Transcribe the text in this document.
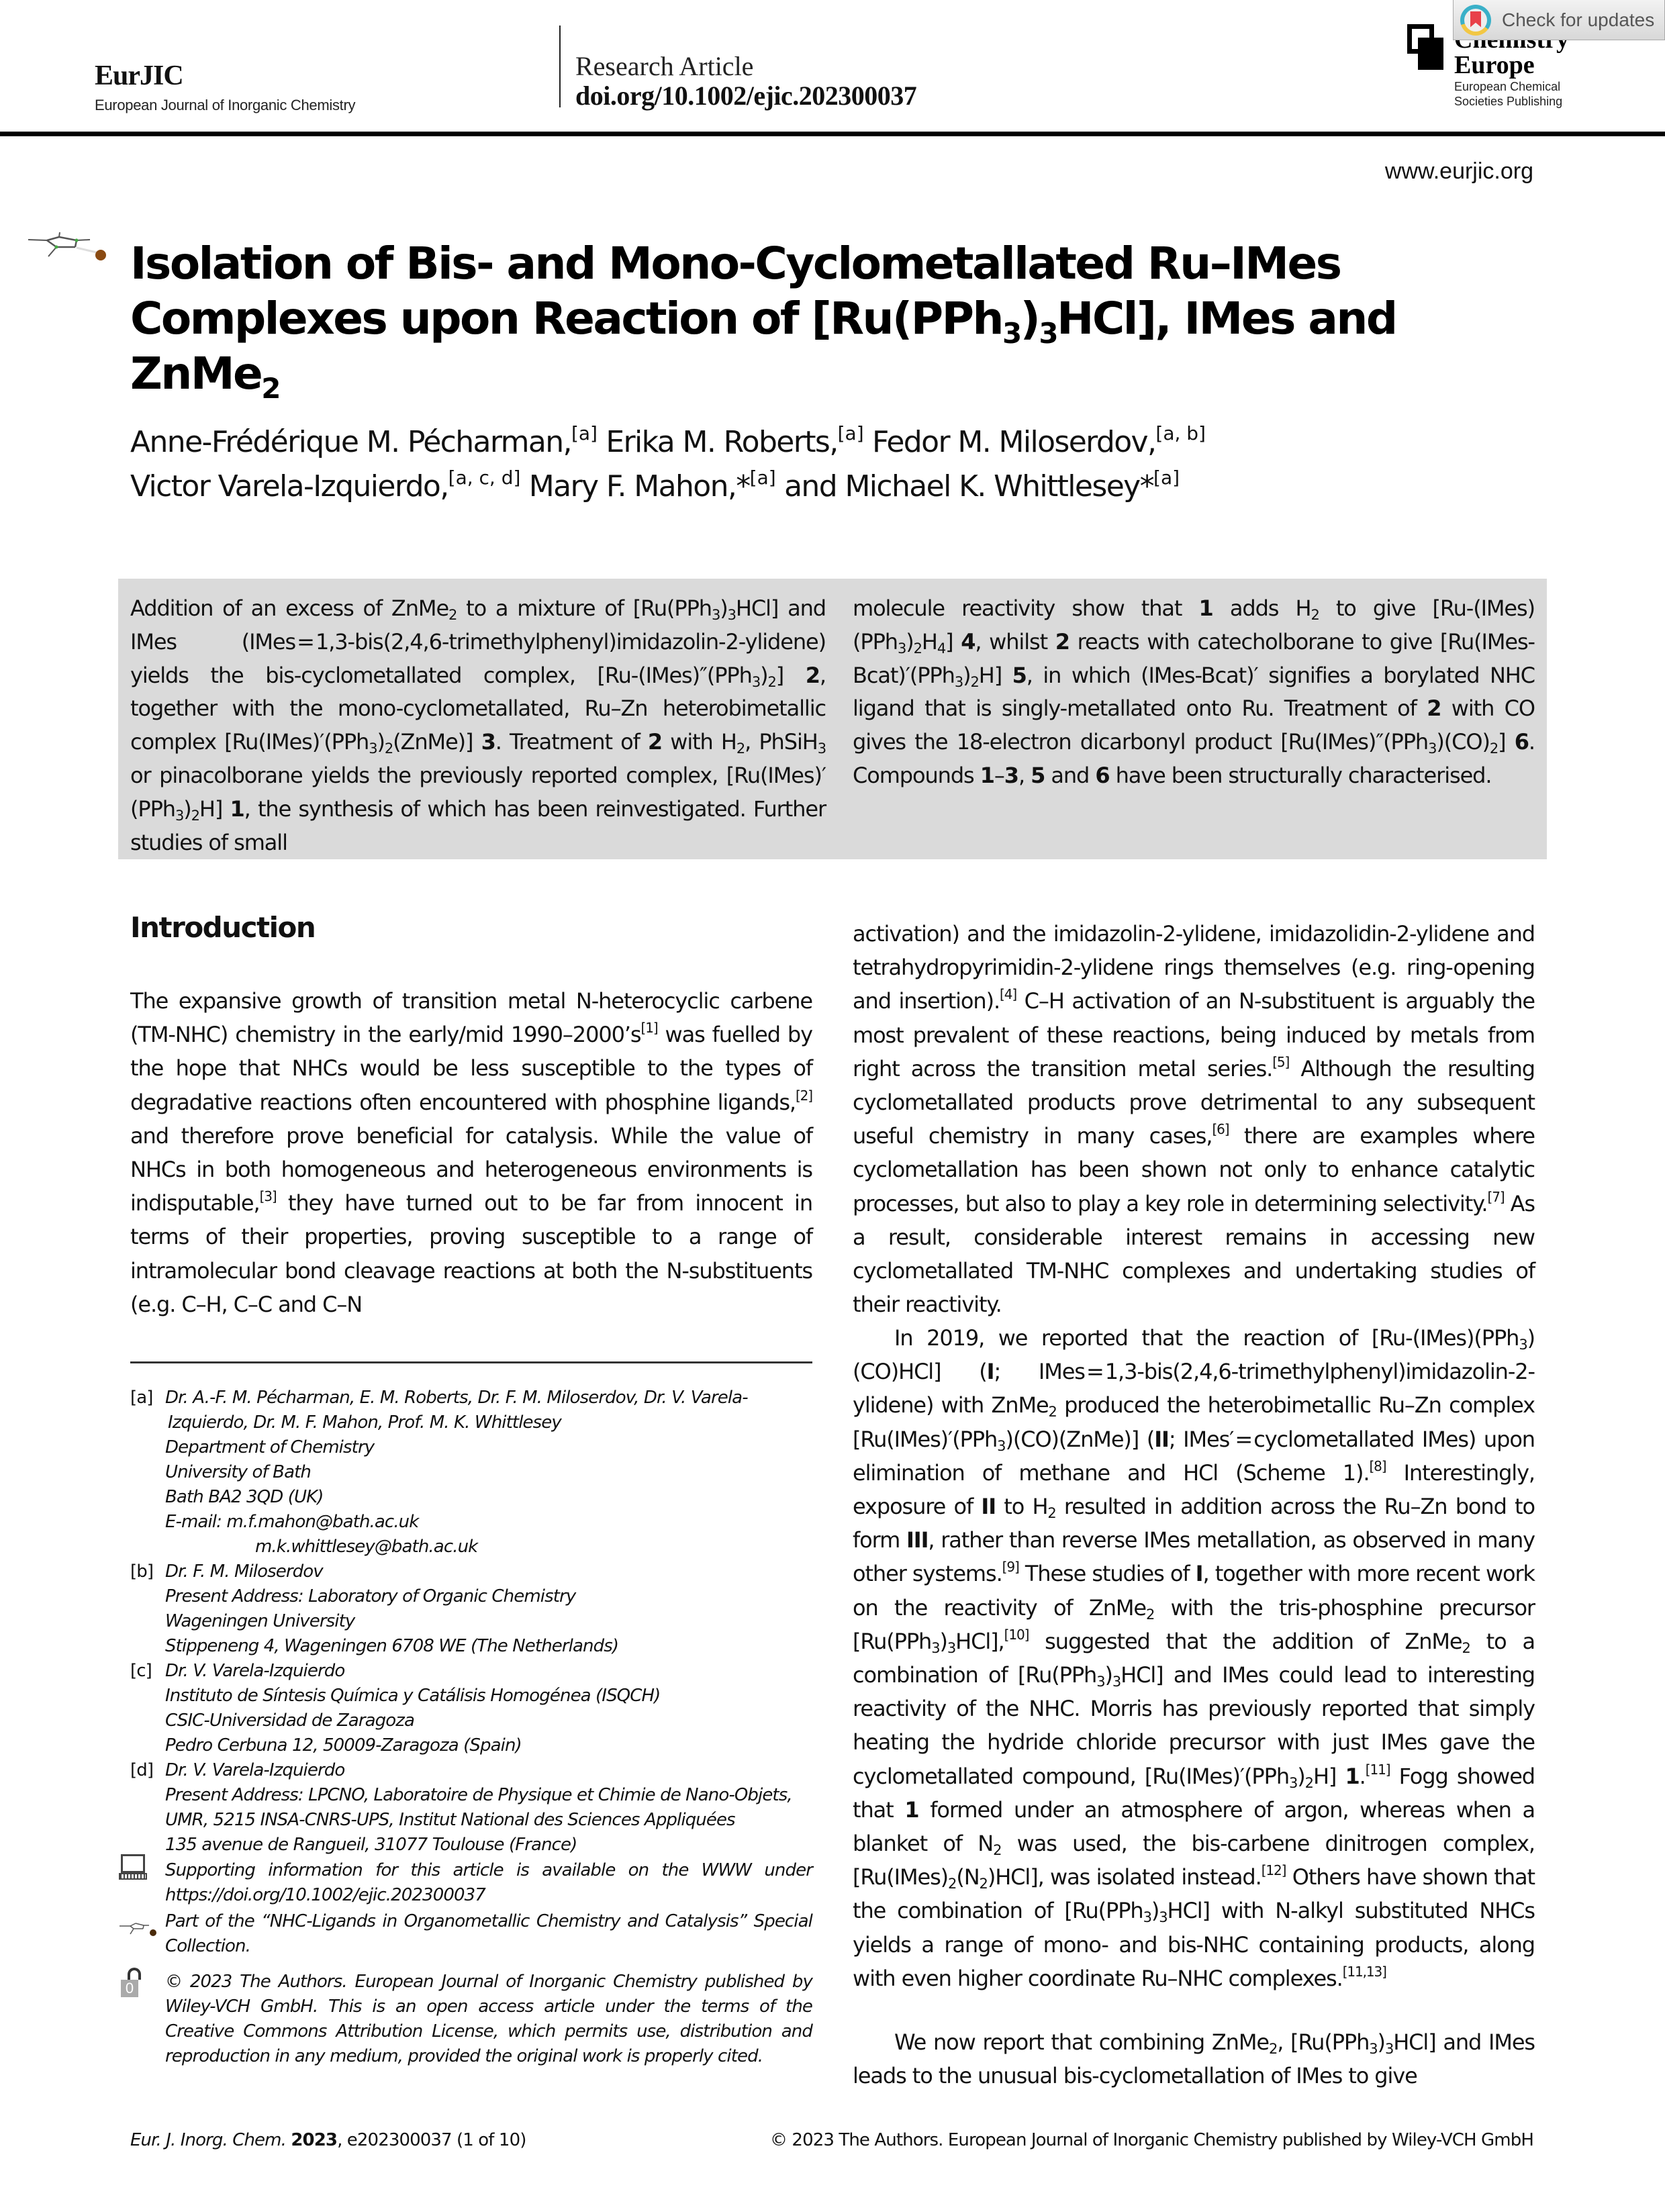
EurJIC
European Journal of Inorganic Chemistry
Research Article
doi.org/10.1002/ejic.202300037
Europe
European Chemical
Societies Publishing
Check for updates
www.eurjic.org
Isolation of Bis- and Mono-Cyclometallated Ru–IMes
Complexes upon Reaction of $[Ru(PPh_3)_3HCl]$, IMes and
ZnMe$_2$
Anne-Frédérique M. Pécharman,[a] Erika M. Roberts,[a] Fedor M. Miloserdov,[a, b]
Victor Varela-Izquierdo,[a, c, d] Mary F. Mahon,*[a] and Michael K. Whittlesey*[a]
Addition of an excess of ZnMe$_2$ to a mixture of $[Ru(PPh_3)_3HCl]$ and IMes (IMes = 1,3-bis(2,4,6-trimethylphenyl)imidazolin-2-ylidene) yields the bis-cyclometallated complex, $[Ru-(IMes)''(PPh_3)_2]$ 2, together with the mono-cyclometallated, Ru–Zn heterobimetallic complex $[Ru(IMes)'(PPh_3)_2(ZnMe)]$ 3. Treatment of 2 with $H_2$, PhSiH$_3$ or pinacolborane yields the previously reported complex, $[Ru(IMes)'(PPh_3)_2H]$ 1, the synthesis of which has been reinvestigated. Further studies of small
molecule reactivity show that 1 adds $H_2$ to give $[Ru-(IMes)(PPh_3)_2H_4]$ 4, whilst 2 reacts with catecholborane to give $[Ru(IMes-Bcat)'(PPh_3)_2H]$ 5, in which (IMes-Bcat)′ signifies a borylated NHC ligand that is singly-metallated onto Ru. Treatment of 2 with CO gives the 18-electron dicarbonyl product $[Ru(IMes)''(PPh_3)(CO)_2]$ 6. Compounds 1–3, 5 and 6 have been structurally characterised.
Introduction
The expansive growth of transition metal N-heterocyclic carbene (TM-NHC) chemistry in the early/mid 1990–2000’s[1] was fuelled by the hope that NHCs would be less susceptible to the types of degradative reactions often encountered with phosphine ligands,[2] and therefore prove beneficial for catalysis. While the value of NHCs in both homogeneous and heterogeneous environments is indisputable,[3] they have turned out to be far from innocent in terms of their properties, proving susceptible to a range of intramolecular bond cleavage reactions at both the N-substituents (e.g. C–H, C–C and C–N
[a] Dr. A.-F. M. Pécharman, E. M. Roberts, Dr. F. M. Miloserdov, Dr. V. Varela-
Izquierdo, Dr. M. F. Mahon, Prof. M. K. Whittlesey
Department of Chemistry
University of Bath
Bath BA2 3QD (UK)
E-mail: m.f.mahon@bath.ac.uk
m.k.whittlesey@bath.ac.uk
[b] Dr. F. M. Miloserdov
Present Address: Laboratory of Organic Chemistry
Wageningen University
Stippeneng 4, Wageningen 6708 WE (The Netherlands)
[c] Dr. V. Varela-Izquierdo
Instituto de Síntesis Química y Catálisis Homogénea (ISQCH)
CSIC-Universidad de Zaragoza
Pedro Cerbuna 12, 50009-Zaragoza (Spain)
[d] Dr. V. Varela-Izquierdo
Present Address: LPCNO, Laboratoire de Physique et Chimie de Nano-Objets,
UMR, 5215 INSA-CNRS-UPS, Institut National des Sciences Appliquées
135 avenue de Rangueil, 31077 Toulouse (France)
Supporting information for this article is available on the WWW under https://doi.org/10.1002/ejic.202300037
Part of the “NHC-Ligands in Organometallic Chemistry and Catalysis” Special Collection.
0 © 2023 The Authors. European Journal of Inorganic Chemistry published by Wiley-VCH GmbH. This is an open access article under the terms of the Creative Commons Attribution License, which permits use, distribution and reproduction in any medium, provided the original work is properly cited.
activation) and the imidazolin-2-ylidene, imidazolidin-2-ylidene and tetrahydropyrimidin-2-ylidene rings themselves (e.g. ring-opening and insertion).[4] C–H activation of an N-substituent is arguably the most prevalent of these reactions, being induced by metals from right across the transition metal series.[5] Although the resulting cyclometallated products prove detrimental to any subsequent useful chemistry in many cases,[6] there are examples where cyclometallation has been shown not only to enhance catalytic processes, but also to play a key role in determining selectivity.[7] As a result, considerable interest remains in accessing new cyclometallated TM-NHC complexes and undertaking studies of their reactivity.
In 2019, we reported that the reaction of [Ru-(IMes)(PPh$_3$)(CO)HCl] (I; IMes = 1,3-bis(2,4,6-trimethylphenyl)imidazolin-2-ylidene) with ZnMe$_2$ produced the heterobimetallic Ru–Zn complex [Ru(IMes)′(PPh$_3$)(CO)(ZnMe)] (II; IMes′ = cyclometallated IMes) upon elimination of methane and HCl (Scheme 1).[8] Interestingly, exposure of II to $H_2$ resulted in addition across the Ru–Zn bond to form III, rather than reverse IMes metallation, as observed in many other systems.[9] These studies of I, together with more recent work on the reactivity of ZnMe$_2$ with the tris-phosphine precursor $[Ru(PPh_3)_3HCl],[10]$ suggested that the addition of ZnMe$_2$ to a combination of $[Ru(PPh_3)_3HCl]$ and IMes could lead to interesting reactivity of the NHC. Morris has previously reported that simply heating the hydride chloride precursor with just IMes gave the cyclometallated compound, $[Ru(IMes)'(PPh_3)_2H]$ 1.[11] Fogg showed that 1 formed under an atmosphere of argon, whereas when a blanket of $N_2$ was used, the bis-carbene dinitrogen complex, $[Ru(IMes)_2(N_2)HCl]$, was isolated instead.[12] Others have shown that the combination of $[Ru(PPh_3)_3HCl]$ with N-alkyl substituted NHCs yields a range of mono- and bis-NHC containing products, along with even higher coordinate Ru–NHC complexes.[11,13]
We now report that combining ZnMe$_2$, $[Ru(PPh_3)_3HCl]$ and IMes leads to the unusual bis-cyclometallation of IMes to give
Eur. J. Inorg. Chem. 2023, e202300037 (1 of 10)	© 2023 The Authors. European Journal of Inorganic Chemistry published by Wiley-VCH GmbH
